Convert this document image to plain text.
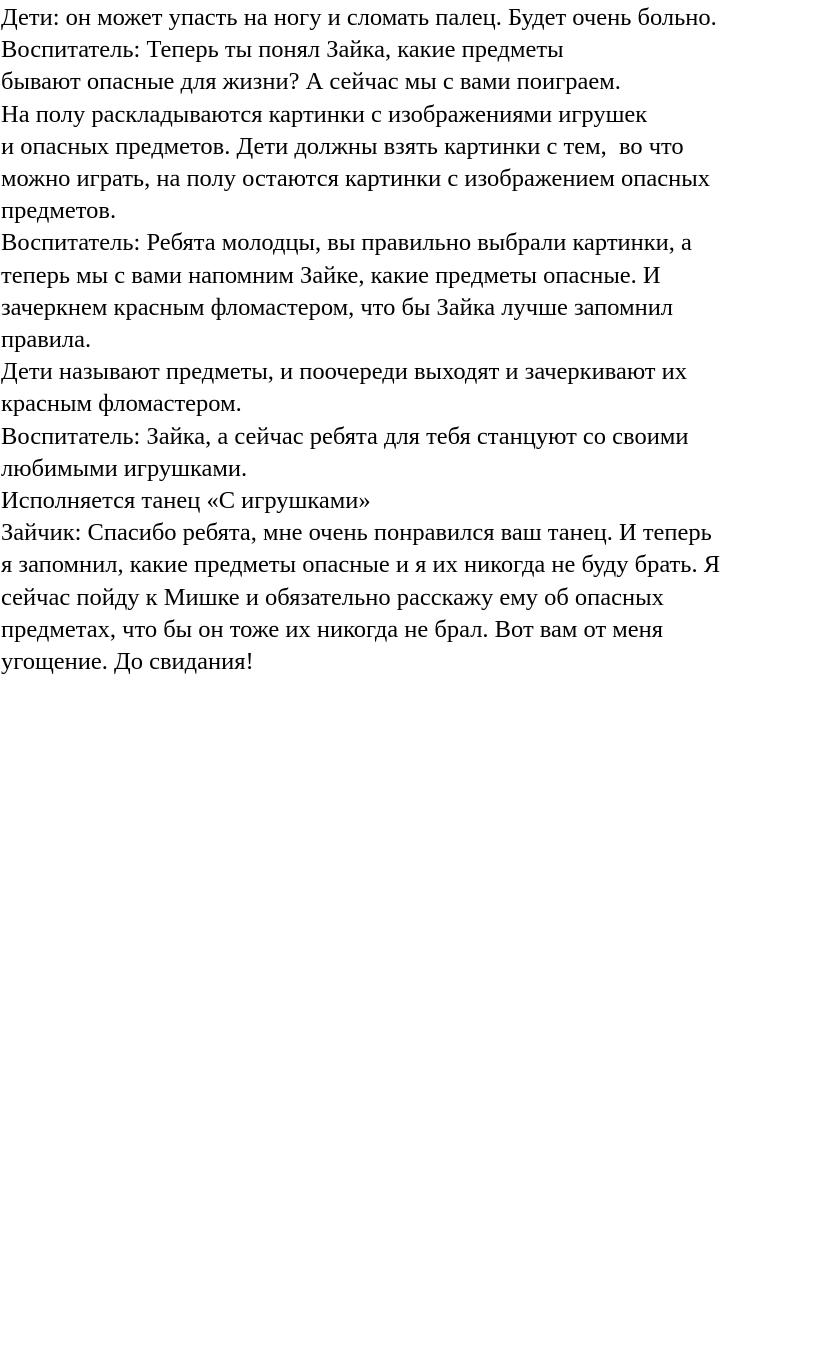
Дети: он может упасть на ногу и сломать палец. Будет очень больно.
Воспитатель: Теперь ты понял Зайка, какие предметы
бывают опасные для жизни? А сейчас мы с вами поиграем.
На полу раскладываются картинки с изображениями игрушек
и опасных предметов. Дети должны взять картинки с тем,  во что
можно играть, на полу остаются картинки с изображением опасных
предметов.
Воспитатель: Ребята молодцы, вы правильно выбрали картинки, а
теперь мы с вами напомним Зайке, какие предметы опасные. И
зачеркнем красным фломастером, что бы Зайка лучше запомнил
правила.
Дети называют предметы, и поочереди выходят и зачеркивают их
красным фломастером.
Воспитатель: Зайка, а сейчас ребята для тебя станцуют со своими
любимыми игрушками.
Исполняется танец «С игрушками»
Зайчик: Спасибо ребята, мне очень понравился ваш танец. И теперь
я запомнил, какие предметы опасные и я их никогда не буду брать. Я
сейчас пойду к Мишке и обязательно расскажу ему об опасных
предметах, что бы он тоже их никогда не брал. Вот вам от меня
угощение. До свидания!
